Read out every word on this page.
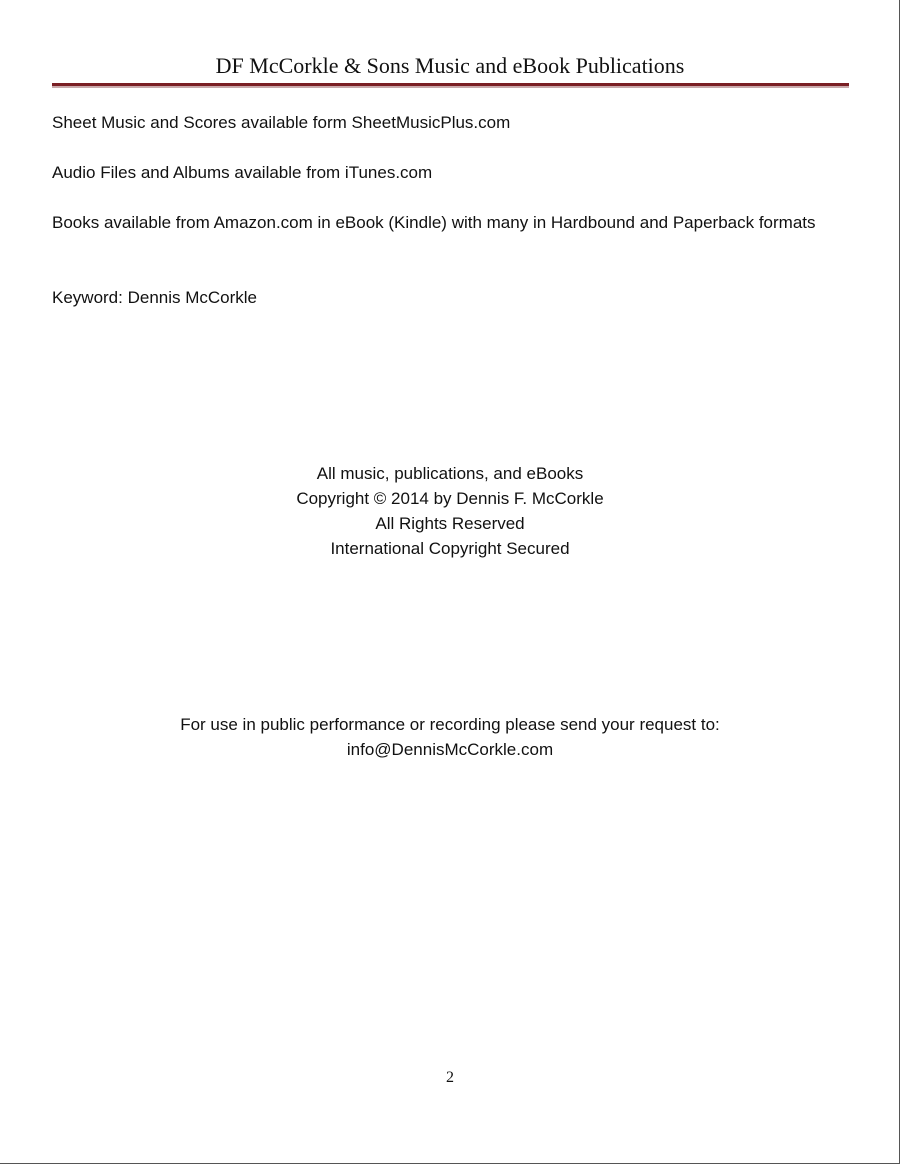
DF McCorkle & Sons Music and eBook Publications

Sheet Music and Scores available form SheetMusicPlus.com

Audio Files and Albums available from iTunes.com

Books available from Amazon.com in eBook (Kindle) with many in Hardbound and Paperback formats

Keyword: Dennis McCorkle

All music, publications, and eBooks
Copyright © 2014 by Dennis F. McCorkle
All Rights Reserved
International Copyright Secured
For use in public performance or recording please send your request to:
info@DennisMcCorkle.com
2
